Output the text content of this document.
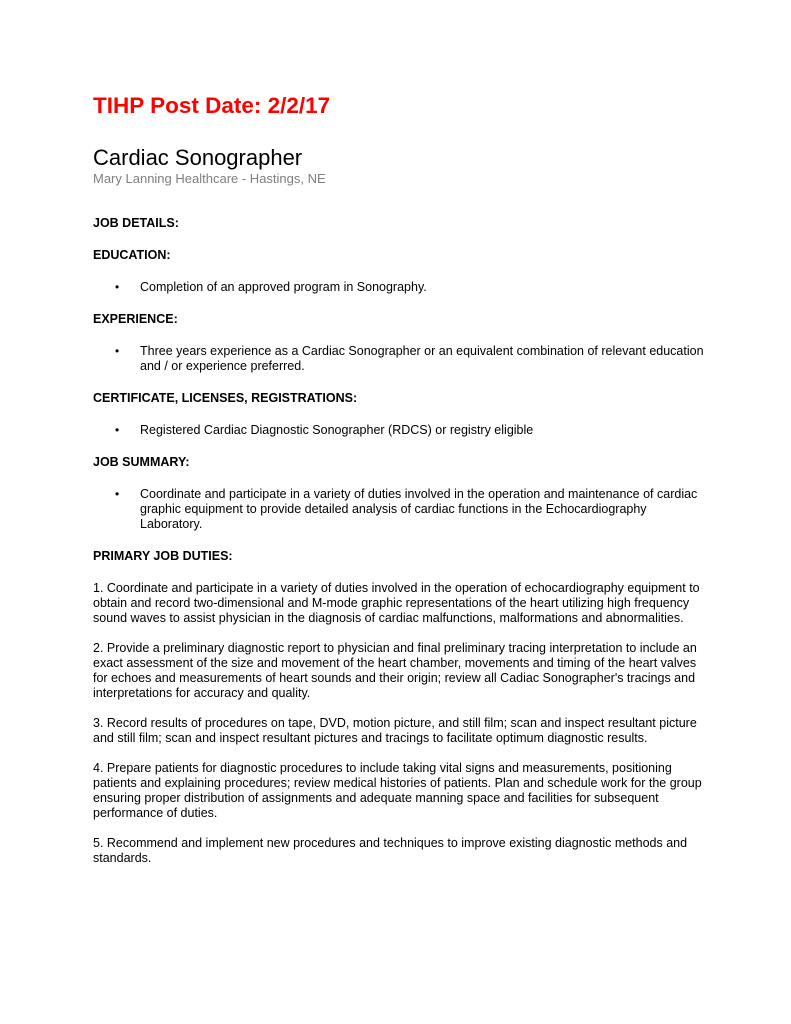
TIHP Post Date: 2/2/17
Cardiac Sonographer

Mary Lanning Healthcare - Hastings, NE

JOB DETAILS:

EDUCATION:

• Completion of an approved program in Sonography.

EXPERIENCE:

• Three years experience as a Cardiac Sonographer or an equivalent combination of relevant education and / or experience preferred.

CERTIFICATE, LICENSES, REGISTRATIONS:

• Registered Cardiac Diagnostic Sonographer (RDCS) or registry eligible

JOB SUMMARY:

• Coordinate and participate in a variety of duties involved in the operation and maintenance of cardiac graphic equipment to provide detailed analysis of cardiac functions in the Echocardiography Laboratory.

PRIMARY JOB DUTIES:

1. Coordinate and participate in a variety of duties involved in the operation of echocardiography equipment to obtain and record two-dimensional and M-mode graphic representations of the heart utilizing high frequency sound waves to assist physician in the diagnosis of cardiac malfunctions, malformations and abnormalities.

2. Provide a preliminary diagnostic report to physician and final preliminary tracing interpretation to include an exact assessment of the size and movement of the heart chamber, movements and timing of the heart valves for echoes and measurements of heart sounds and their origin; review all Cadiac Sonographer's tracings and interpretations for accuracy and quality.

3. Record results of procedures on tape, DVD, motion picture, and still film; scan and inspect resultant picture and still film; scan and inspect resultant pictures and tracings to facilitate optimum diagnostic results.

4. Prepare patients for diagnostic procedures to include taking vital signs and measurements, positioning patients and explaining procedures; review medical histories of patients. Plan and schedule work for the group ensuring proper distribution of assignments and adequate manning space and facilities for subsequent performance of duties.

5. Recommend and implement new procedures and techniques to improve existing diagnostic methods and standards.
